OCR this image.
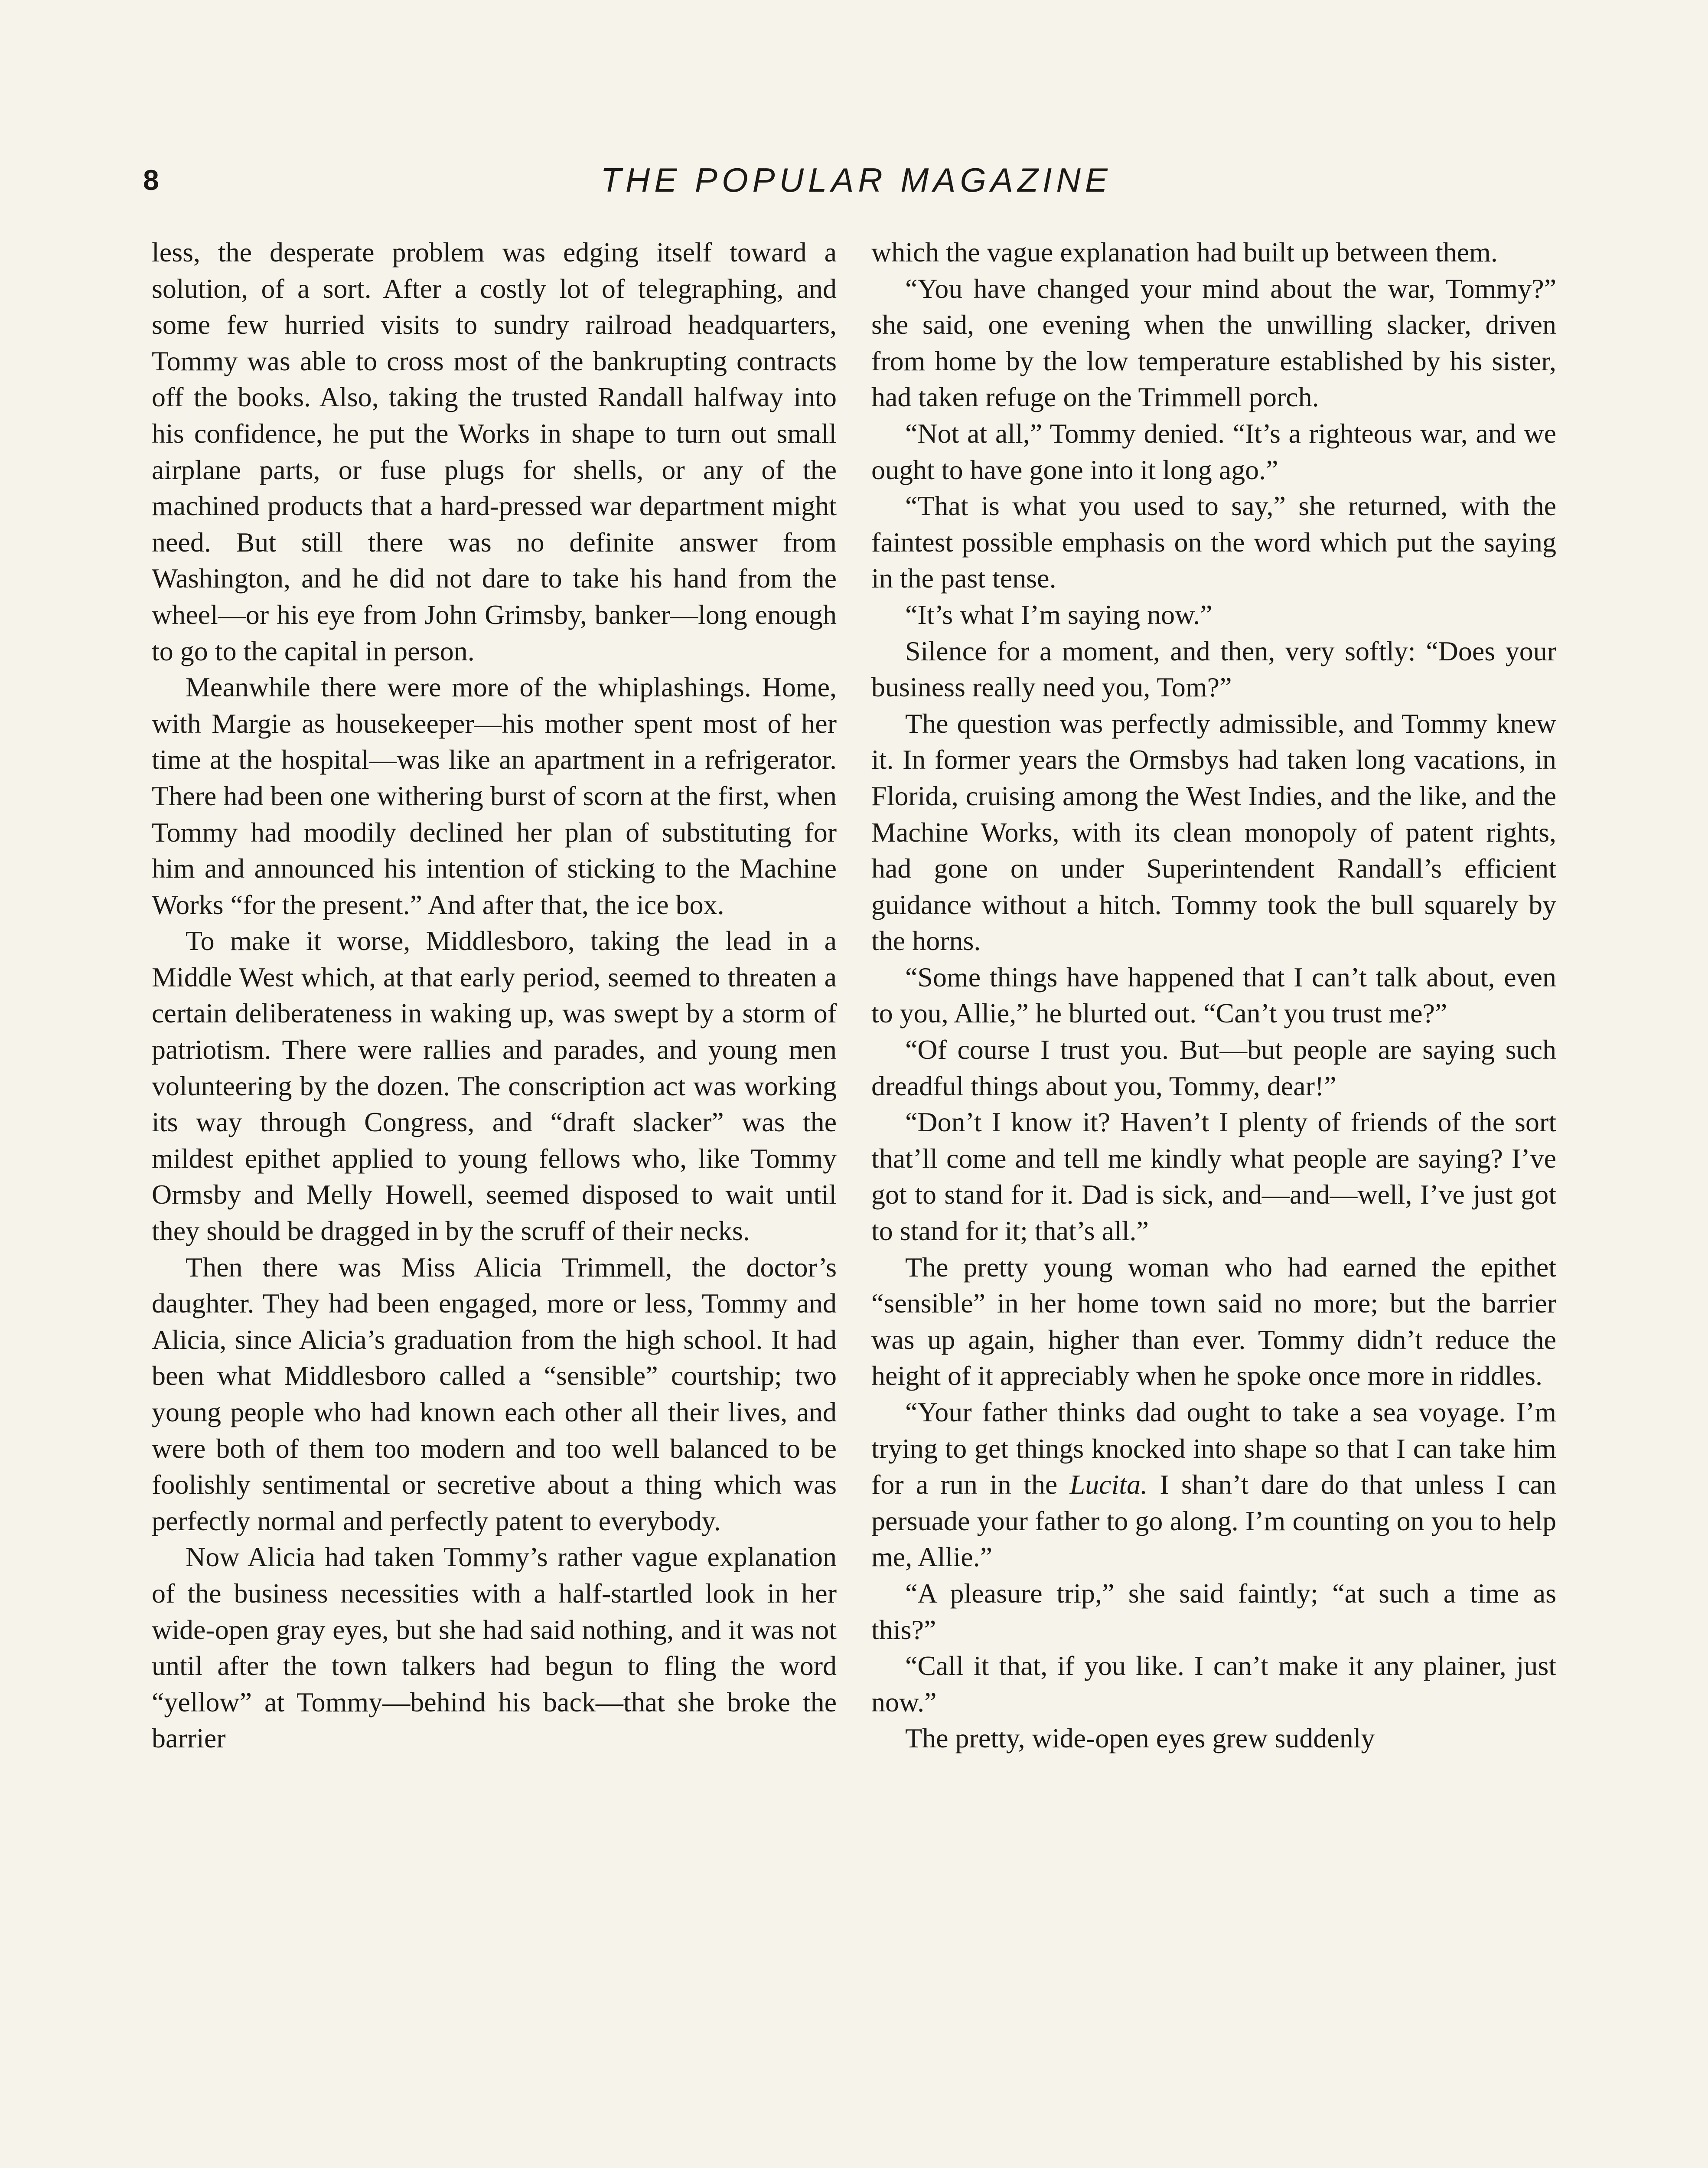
8	THE POPULAR MAGAZINE

less, the desperate problem was edging itself toward a solution, of a sort. After a costly lot of telegraphing, and some few hurried visits to sundry railroad headquarters, Tommy was able to cross most of the bankrupting contracts off the books. Also, taking the trusted Randall halfway into his confidence, he put the Works in shape to turn out small airplane parts, or fuse plugs for shells, or any of the machined products that a hard-pressed war department might need. But still there was no definite answer from Washington, and he did not dare to take his hand from the wheel—or his eye from John Grimsby, banker—long enough to go to the capital in person.

Meanwhile there were more of the whiplashings. Home, with Margie as housekeeper—his mother spent most of her time at the hospital—was like an apartment in a refrigerator. There had been one withering burst of scorn at the first, when Tommy had moodily declined her plan of substituting for him and announced his intention of sticking to the Machine Works “for the present.” And after that, the ice box.

To make it worse, Middlesboro, taking the lead in a Middle West which, at that early period, seemed to threaten a certain deliberateness in waking up, was swept by a storm of patriotism. There were rallies and parades, and young men volunteering by the dozen. The conscription act was working its way through Congress, and “draft slacker” was the mildest epithet applied to young fellows who, like Tommy Ormsby and Melly Howell, seemed disposed to wait until they should be dragged in by the scruff of their necks.

Then there was Miss Alicia Trimmell, the doctor’s daughter. They had been engaged, more or less, Tommy and Alicia, since Alicia’s graduation from the high school. It had been what Middlesboro called a “sensible” courtship; two young people who had known each other all their lives, and were both of them too modern and too well balanced to be foolishly sentimental or secretive about a thing which was perfectly normal and perfectly patent to everybody.

Now Alicia had taken Tommy’s rather vague explanation of the business necessities with a half-startled look in her wide-open gray eyes, but she had said nothing, and it was not until after the town talkers had begun to fling the word “yellow” at Tommy—behind his back—that she broke the barrier

which the vague explanation had built up between them.

“You have changed your mind about the war, Tommy?” she said, one evening when the unwilling slacker, driven from home by the low temperature established by his sister, had taken refuge on the Trimmell porch.

“Not at all,” Tommy denied. “It’s a righteous war, and we ought to have gone into it long ago.”

“That is what you used to say,” she returned, with the faintest possible emphasis on the word which put the saying in the past tense.

“It’s what I’m saying now.”

Silence for a moment, and then, very softly: “Does your business really need you, Tom?”

The question was perfectly admissible, and Tommy knew it. In former years the Ormsbys had taken long vacations, in Florida, cruising among the West Indies, and the like, and the Machine Works, with its clean monopoly of patent rights, had gone on under Superintendent Randall’s efficient guidance without a hitch. Tommy took the bull squarely by the horns.

“Some things have happened that I can’t talk about, even to you, Allie,” he blurted out. “Can’t you trust me?”

“Of course I trust you. But—but people are saying such dreadful things about you, Tommy, dear!”

“Don’t I know it? Haven’t I plenty of friends of the sort that’ll come and tell me kindly what people are saying? I’ve got to stand for it. Dad is sick, and—and—well, I’ve just got to stand for it; that’s all.”

The pretty young woman who had earned the epithet “sensible” in her home town said no more; but the barrier was up again, higher than ever. Tommy didn’t reduce the height of it appreciably when he spoke once more in riddles.

“Your father thinks dad ought to take a sea voyage. I’m trying to get things knocked into shape so that I can take him for a run in the Lucita. I shan’t dare do that unless I can persuade your father to go along. I’m counting on you to help me, Allie.”

“A pleasure trip,” she said faintly; “at such a time as this?”

“Call it that, if you like. I can’t make it any plainer, just now.”

The pretty, wide-open eyes grew suddenly
